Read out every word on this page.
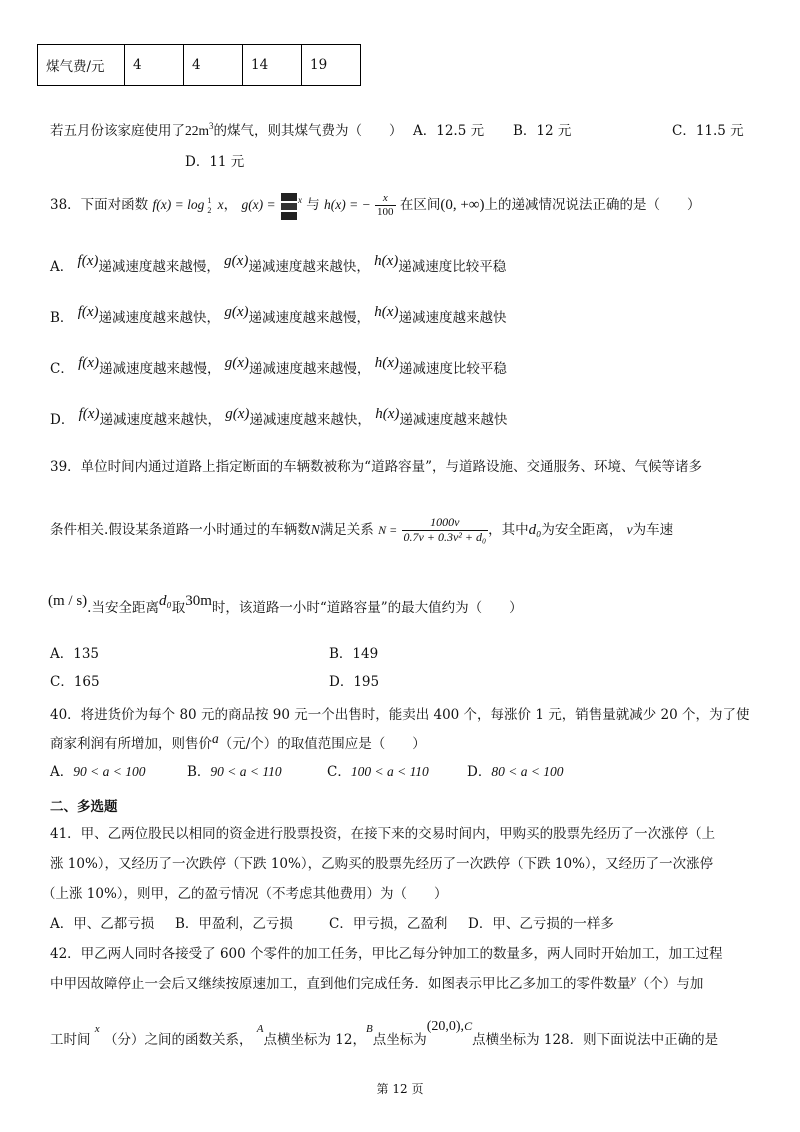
煤气费/元	4	4	14	19
若五月份该家庭使用了$22m^3$的煤气，则其煤气费为（　　） A．12.5 元 B．12 元	C．11.5 元
D．11 元
38．下面对函数 f(x) = log 1
2 x， g(x) = $^x$ 与 h(x) = − $\frac{x}{100}$ 在区间(0, +∞)上的递减情况说法正确的是（　　）
A． f(x)递减速度越来越慢， g(x)递减速度越来越快， h(x)递减速度比较平稳
B． f(x)递减速度越来越快， g(x)递减速度越来越慢， h(x)递减速度越来越快
C． f(x)递减速度越来越慢， g(x)递减速度越来越慢， h(x)递减速度比较平稳
D． f(x)递减速度越来越快， g(x)递减速度越来越快， h(x)递减速度越来越快
39．单位时间内通过道路上指定断面的车辆数被称为“道路容量”，与道路设施、交通服务、环境、气候等诸多
条件相关.假设某条道路一小时通过的车辆数N满足关系 $N = \frac{1000v}{\text{0.7v + 0.3v² + d₀}}$ ，其中d₀为安全距离， v为车速
(m / s).当安全距离d₀取30m时，该道路一小时“道路容量”的最大值约为（　　）
A．135	B．149
C．165	D．195
40．将进货价为每个 80 元的商品按 90 元一个出售时，能卖出 400 个，每涨价 1 元，销售量就减少 20 个，为了使
商家利润有所增加，则售价a（元/个）的取值范围应是（　　）
A．90 < a < 100	B．90 < a < 110	C．100 < a < 110	D．80 < a < 100
二、多选题
41．甲、乙两位股民以相同的资金进行股票投资，在接下来的交易时间内，甲购买的股票先经历了一次涨停（上
涨 10%），又经历了一次跌停（下跌 10%），乙购买的股票先经历了一次跌停（下跌 10%），又经历了一次涨停
（上涨 10%），则甲，乙的盈亏情况（不考虑其他费用）为（　　）
A．甲、乙都亏损 B．甲盈利，乙亏损	C．甲亏损，乙盈利 D．甲、乙亏损的一样多
42．甲乙两人同时各接受了 600 个零件的加工任务，甲比乙每分钟加工的数量多，两人同时开始加工，加工过程
中甲因故障停止一会后又继续按原速加工，直到他们完成任务．如图表示甲比乙多加工的零件数量y（个）与加
工时间 $^x$ （分）之间的函数关系， $^A$点横坐标为 12，$^B$点坐标为(20,0),C点横坐标为 128．则下面说法中正确的是
第 12 页
